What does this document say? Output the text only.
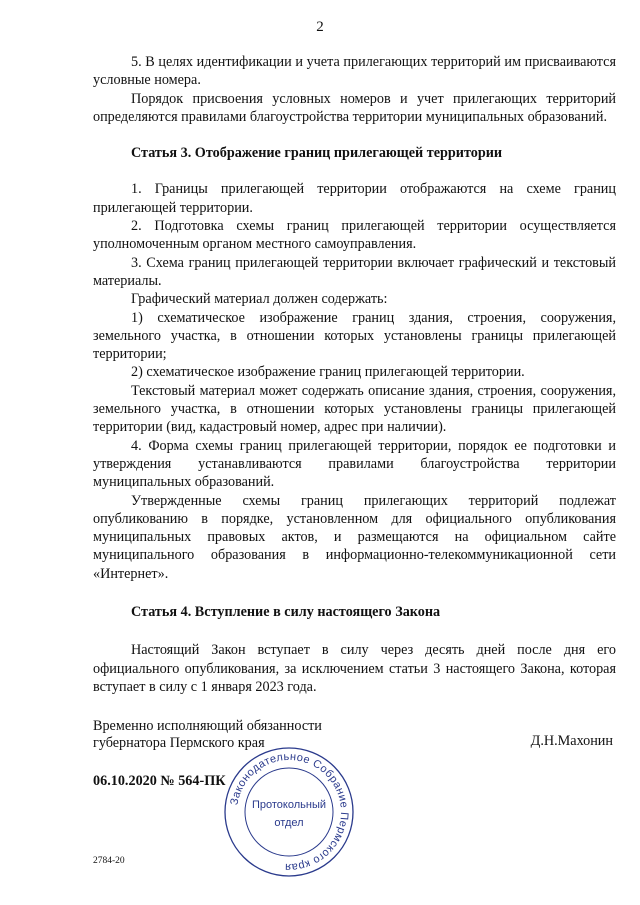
2

5. В целях идентификации и учета прилегающих территорий им присваиваются условные номера.

Порядок присвоения условных номеров и учет прилегающих территорий определяются правилами благоустройства территории муниципальных образований.

Статья 3. Отображение границ прилегающей территории

1. Границы прилегающей территории отображаются на схеме границ прилегающей территории.

2. Подготовка схемы границ прилегающей территории осуществляется уполномоченным органом местного самоуправления.

3. Схема границ прилегающей территории включает графический и текстовый материалы.

Графический материал должен содержать:

1) схематическое изображение границ здания, строения, сооружения, земельного участка, в отношении которых установлены границы прилегающей территории;

2) схематическое изображение границ прилегающей территории.

Текстовый материал может содержать описание здания, строения, сооружения, земельного участка, в отношении которых установлены границы прилегающей территории (вид, кадастровый номер, адрес при наличии).

4. Форма схемы границ прилегающей территории, порядок ее подготовки и утверждения устанавливаются правилами благоустройства территории муниципальных образований.

Утвержденные схемы границ прилегающих территорий подлежат опубликованию в порядке, установленном для официального опубликования муниципальных правовых актов, и размещаются на официальном сайте муниципального образования в информационно-телекоммуникационной сети «Интернет».

Статья 4. Вступление в силу настоящего Закона

Настоящий Закон вступает в силу через десять дней после дня его официального опубликования, за исключением статьи 3 настоящего Закона, которая вступает в силу с 1 января 2023 года.

Временно исполняющий обязанности
губернатора Пермского края	Д.Н.Махонин
06.10.2020 № 564-ПК
Законодательное Собрание Пермского края
Протокольный
отдел
2784-20
